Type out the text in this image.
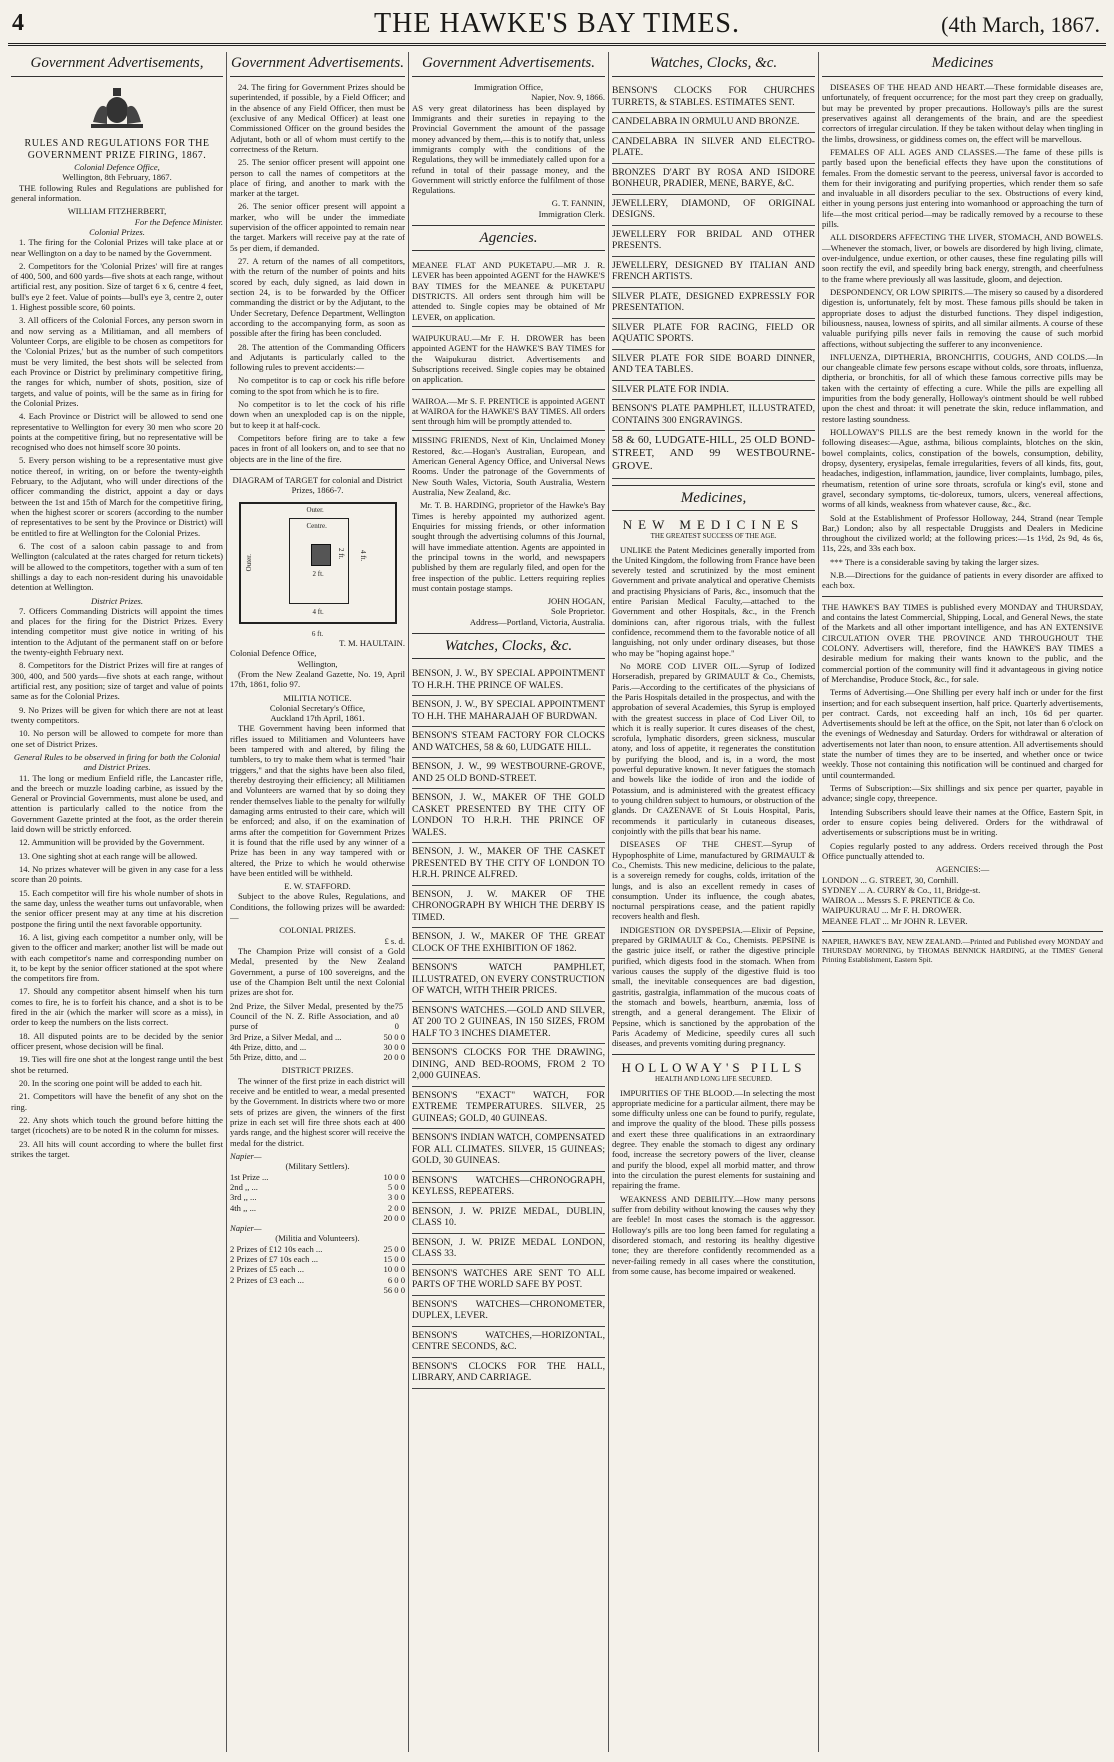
4	THE HAWKE'S BAY TIMES.	(4th March, 1867.
Government Advertisements,
RULES AND REGULATIONS FOR THE GOVERNMENT PRIZE FIRING, 1867.
Colonial Defence Office,
Wellington, 8th February, 1867.

THE following Rules and Regulations are published for general information.

WILLIAM FITZHERBERT,
For the Defence Minister.
Colonial Prizes.

1. The firing for the Colonial Prizes will take place at or near Wellington on a day to be named by the Government.

2. Competitors for the 'Colonial Prizes' will fire at ranges of 400, 500, and 600 yards—five shots at each range, without artificial rest, any position. Size of target 6 x 6, centre 4 feet, bull's eye 2 feet. Value of points—bull's eye 3, centre 2, outer 1. Highest possible score, 60 points.

3. All officers of the Colonial Forces, any person sworn in and now serving as a Militiaman, and all members of Volunteer Corps, are eligible to be chosen as competitors for the 'Colonial Prizes,' but as the number of such competitors must be very limited, the best shots will be selected from each Province or District by preliminary competitive firing, the ranges for which, number of shots, position, size of targets, and value of points, will be the same as in firing for the Colonial Prizes.

4. Each Province or District will be allowed to send one representative to Wellington for every 30 men who score 20 points at the competitive firing, but no representative will be recognised who does not himself score 30 points.

5. Every person wishing to be a representative must give notice thereof, in writing, on or before the twenty-eighth February, to the Adjutant, who will under directions of the officer commanding the district, appoint a day or days between the 1st and 15th of March for the competitive firing, when the highest scorer or scorers (according to the number of representatives to be sent by the Province or District) will be entitled to fire at Wellington for the Colonial Prizes.

6. The cost of a saloon cabin passage to and from Wellington (calculated at the rates charged for return tickets) will be allowed to the competitors, together with a sum of ten shillings a day to each non-resident during his unavoidable detention at Wellington.

District Prizes.

7. Officers Commanding Districts will appoint the times and places for the firing for the District Prizes. Every intending competitor must give notice in writing of his intention to the Adjutant of the permanent staff on or before the twenty-eighth February next.

8. Competitors for the District Prizes will fire at ranges of 300, 400, and 500 yards—five shots at each range, without artificial rest, any position; size of target and value of points same as for the Colonial Prizes.

9. No Prizes will be given for which there are not at least twenty competitors.

10. No person will be allowed to compete for more than one set of District Prizes.

General Rules to be observed in firing for both the Colonial and District Prizes.

11. The long or medium Enfield rifle, the Lancaster rifle, and the breech or muzzle loading carbine, as issued by the General or Provincial Governments, must alone be used, and attention is particularly called to the notice from the Government Gazette printed at the foot, as the order therein laid down will be strictly enforced.

12. Ammunition will be provided by the Government.

13. One sighting shot at each range will be allowed.

14. No prizes whatever will be given in any case for a less score than 20 points.

15. Each competitor will fire his whole number of shots in the same day, unless the weather turns out unfavorable, when the senior officer present may at any time at his discretion postpone the firing until the next favorable opportunity.

16. A list, giving each competitor a number only, will be given to the officer and marker; another list will be made out with each competitor's name and corresponding number on it, to be kept by the senior officer stationed at the spot where the competitors fire from.

17. Should any competitor absent himself when his turn comes to fire, he is to forfeit his chance, and a shot is to be fired in the air (which the marker will score as a miss), in order to keep the numbers on the lists correct.

18. All disputed points are to be decided by the senior officer present, whose decision will be final.

19. Ties will fire one shot at the longest range until the best shot be returned.

20. In the scoring one point will be added to each hit.

21. Competitors will have the benefit of any shot on the ring.

22. Any shots which touch the ground before hitting the target (ricochets) are to be noted R in the column for misses.

23. All hits will count according to where the bullet first strikes the target.

Government Advertisements.

24. The firing for Government Prizes should be superintended, if possible, by a Field Officer; and in the absence of any Field Officer, then must be (exclusive of any Medical Officer) at least one Commissioned Officer on the ground besides the Adjutant, both or all of whom must certify to the correctness of the Return.

25. The senior officer present will appoint one person to call the names of competitors at the place of firing, and another to mark with the marker at the target.

26. The senior officer present will appoint a marker, who will be under the immediate supervision of the officer appointed to remain near the target. Markers will receive pay at the rate of 5s per diem, if demanded.

27. A return of the names of all competitors, with the return of the number of points and hits scored by each, duly signed, as laid down in section 24, is to be forwarded by the Officer commanding the district or by the Adjutant, to the Under Secretary, Defence Department, Wellington according to the accompanying form, as soon as possible after the firing has been concluded.

28. The attention of the Commanding Officers and Adjutants is particularly called to the following rules to prevent accidents:—

No competitor is to cap or cock his rifle before coming to the spot from which he is to fire.

No competitor is to let the cock of his rifle down when an unexploded cap is on the nipple, but to keep it at half-cock.

Competitors before firing are to take a few paces in front of all lookers on, and to see that no objects are in the line of the fire.

DIAGRAM of TARGET for colonial and District Prizes, 1866-7.
Outer.
Outer.
Centre.
2 ft.
2 ft. 4 ft.
4 ft.
6 ft.
T. M. HAULTAIN.
Colonial Defence Office,
Wellington,

(From the New Zealand Gazette, No. 19, April 17th, 1861, folio 97.

MILITIA NOTICE.
Colonial Secretary's Office,
Auckland 17th April, 1861.

THE Government having been informed that rifles issued to Militiamen and Volunteers have been tampered with and altered, by filing the tumblers, to try to make them what is termed "hair triggers," and that the sights have been also filed, thereby destroying their efficiency; all Militiamen and Volunteers are warned that by so doing they render themselves liable to the penalty for wilfully damaging arms entrusted to their care, which will be enforced; and also, if on the examination of arms after the competition for Government Prizes it is found that the rifle used by any winner of a Prize has been in any way tampered with or altered, the Prize to which he would otherwise have been entitled will be withheld.

E. W. STAFFORD.

Subject to the above Rules, Regulations, and Conditions, the following prizes will be awarded:—

COLONIAL PRIZES.
£ s. d.

The Champion Prize will consist of a Gold Medal, presented by the New Zealand Government, a purse of 100 sovereigns, and the use of the Champion Belt until the next Colonial prizes are shot for.

2nd Prize, the Silver Medal, presented by the Council of the N. Z. Rifle Association, and a purse of
75 0 0
3rd Prize, a Silver Medal, and ...	50 0 0
4th Prize, ditto, and ...	30 0 0
5th Prize, ditto, and ...	20 0 0
DISTRICT PRIZES.

The winner of the first prize in each district will receive and be entitled to wear, a medal presented by the Government. In districts where two or more sets of prizes are given, the winners of the first prize in each set will fire three shots each at 400 yards range, and the highest scorer will receive the medal for the district.

Napier—
(Military Settlers).
1st Prize ...	10 0 0
2nd ,, ...	5 0 0
3rd ,, ...	3 0 0
4th ,, ...	2 0 0
20 0 0
Napier—
(Militia and Volunteers).
2 Prizes of £12 10s each ...	25 0 0
2 Prizes of £7 10s each ...	15 0 0
2 Prizes of £5 each ...	10 0 0
2 Prizes of £3 each ...	6 0 0
56 0 0
Government Advertisements.
Immigration Office,
Napier, Nov. 9, 1866.

AS very great dilatoriness has been displayed by Immigrants and their sureties in repaying to the Provincial Government the amount of the passage money advanced by them,—this is to notify that, unless immigrants comply with the conditions of the Regulations, they will be immediately called upon for a refund in total of their passage money, and the Government will strictly enforce the fulfilment of those Regulations.

G. T. FANNIN,
Immigration Clerk.
Agencies.

MEANEE FLAT AND PUKETAPU.—MR J. R. LEVER has been appointed AGENT for the HAWKE'S BAY TIMES for the MEANEE & PUKETAPU DISTRICTS. All orders sent through him will be attended to. Single copies may be obtained of Mr LEVER, on application.

WAIPUKURAU.—Mr F. H. DROWER has been appointed AGENT for the HAWKE'S BAY TIMES for the Waipukurau district. Advertisements and Subscriptions received. Single copies may be obtained on application.

WAIROA.—Mr S. F. PRENTICE is appointed AGENT at WAIROA for the HAWKE'S BAY TIMES. All orders sent through him will be promptly attended to.

MISSING FRIENDS, Next of Kin, Unclaimed Money Restored, &c.—Hogan's Australian, European, and American General Agency Office, and Universal News Rooms. Under the patronage of the Governments of New South Wales, Victoria, South Australia, Western Australia, New Zealand, &c.

Mr. T. B. HARDING, proprietor of the Hawke's Bay Times is hereby appointed my authorized agent. Enquiries for missing friends, or other information sought through the advertising columns of this Journal, will have immediate attention. Agents are appointed in the principal towns in the world, and newspapers published by them are regularly filed, and open for the free inspection of the public. Letters requiring replies must contain postage stamps.

JOHN HOGAN,
Sole Proprietor.
Address—Portland, Victoria, Australia.
Watches, Clocks, &c.
BENSON, J. W., BY SPECIAL APPOINTMENT TO H.R.H. THE PRINCE OF WALES.
BENSON, J. W., BY SPECIAL APPOINTMENT TO H.H. THE MAHARAJAH OF BURDWAN.
BENSON'S STEAM FACTORY FOR CLOCKS AND WATCHES, 58 & 60, LUDGATE HILL.
BENSON, J. W., 99 WESTBOURNE-GROVE, AND 25 OLD BOND-STREET.
BENSON, J. W., MAKER OF THE GOLD CASKET PRESENTED BY THE CITY OF LONDON TO H.R.H. THE PRINCE OF WALES.
BENSON, J. W., MAKER OF THE CASKET PRESENTED BY THE CITY OF LONDON TO H.R.H. PRINCE ALFRED.
BENSON, J. W. MAKER OF THE CHRONOGRAPH BY WHICH THE DERBY IS TIMED.
BENSON, J. W., MAKER OF THE GREAT CLOCK OF THE EXHIBITION OF 1862.
BENSON'S WATCH PAMPHLET, ILLUSTRATED, ON EVERY CONSTRUCTION OF WATCH, WITH THEIR PRICES.
BENSON'S WATCHES.—GOLD AND SILVER, AT 200 TO 2 GUINEAS, IN 150 SIZES, FROM HALF TO 3 INCHES DIAMETER.
BENSON'S CLOCKS FOR THE DRAWING, DINING, AND BED-ROOMS, FROM 2 TO 2,000 GUINEAS.
BENSON'S "EXACT" WATCH, FOR EXTREME TEMPERATURES. SILVER, 25 GUINEAS; GOLD, 40 GUINEAS.
BENSON'S INDIAN WATCH, COMPENSATED FOR ALL CLIMATES. SILVER, 15 GUINEAS; GOLD, 30 GUINEAS.
BENSON'S WATCHES—CHRONOGRAPH, KEYLESS, REPEATERS.
BENSON, J. W. PRIZE MEDAL, DUBLIN, CLASS 10.
BENSON, J. W. PRIZE MEDAL LONDON, CLASS 33.
BENSON'S WATCHES ARE SENT TO ALL PARTS OF THE WORLD SAFE BY POST.
BENSON'S WATCHES—CHRONOMETER, DUPLEX, LEVER.
BENSON'S WATCHES,—HORIZONTAL, CENTRE SECONDS, &C.
BENSON'S CLOCKS FOR THE HALL, LIBRARY, AND CARRIAGE.
Watches, Clocks, &c.
BENSON'S CLOCKS FOR CHURCHES TURRETS, & STABLES. ESTIMATES SENT.
CANDELABRA IN ORMULU AND BRONZE.
CANDELABRA IN SILVER AND ELECTRO-PLATE.
BRONZES D'ART BY ROSA AND ISIDORE BONHEUR, PRADIER, MENE, BARYE, &C.
JEWELLERY, DIAMOND, OF ORIGINAL DESIGNS.
JEWELLERY FOR BRIDAL AND OTHER PRESENTS.
JEWELLERY, DESIGNED BY ITALIAN AND FRENCH ARTISTS.
SILVER PLATE, DESIGNED EXPRESSLY FOR PRESENTATION.
SILVER PLATE FOR RACING, FIELD OR AQUATIC SPORTS.
SILVER PLATE FOR SIDE BOARD DINNER, AND TEA TABLES.
SILVER PLATE FOR INDIA.
BENSON'S PLATE PAMPHLET, ILLUSTRATED, CONTAINS 300 ENGRAVINGS.
58 & 60, LUDGATE-HILL, 25 OLD BOND-STREET, AND 99 WESTBOURNE-GROVE.
Medicines,
NEW MEDICINES
THE GREATEST SUCCESS OF THE AGE.

UNLIKE the Patent Medicines generally imported from the United Kingdom, the following from France have been severely tested and scrutinized by the most eminent Government and private analytical and operative Chemists and practising Physicians of Paris, &c., insomuch that the entire Parisian Medical Faculty,—attached to the Government and other Hospitals, &c., in the French dominions can, after rigorous trials, with the fullest confidence, recommend them to the favorable notice of all languishing, not only under ordinary diseases, but those who may be "hoping against hope."

No MORE COD LIVER OIL.—Syrup of Iodized Horseradish, prepared by GRIMAULT & Co., Chemists, Paris.—According to the certificates of the physicians of the Paris Hospitals detailed in the prospectus, and with the approbation of several Academies, this Syrup is employed with the greatest success in place of Cod Liver Oil, to which it is really superior. It cures diseases of the chest, scrofula, lymphatic disorders, green sickness, muscular atony, and loss of appetite, it regenerates the constitution by purifying the blood, and is, in a word, the most powerful depurative known. It never fatigues the stomach and bowels like the iodide of iron and the iodide of Potassium, and is administered with the greatest efficacy to young children subject to humours, or obstruction of the glands. Dr CAZENAVE of St Louis Hospital, Paris, recommends it particularly in cutaneous diseases, conjointly with the pills that bear his name.

DISEASES OF THE CHEST.—Syrup of Hypophosphite of Lime, manufactured by GRIMAULT & Co., Chemists. This new medicine, delicious to the palate, is a sovereign remedy for coughs, colds, irritation of the lungs, and is also an excellent remedy in cases of consumption. Under its influence, the cough abates, nocturnal perspirations cease, and the patient rapidly recovers health and flesh.

INDIGESTION OR DYSPEPSIA.—Elixir of Pepsine, prepared by GRIMAULT & Co., Chemists. PEPSINE is the gastric juice itself, or rather the digestive principle purified, which digests food in the stomach. When from various causes the supply of the digestive fluid is too small, the inevitable consequences are bad digestion, gastritis, gastralgia, inflammation of the mucous coats of the stomach and bowels, heartburn, anæmia, loss of strength, and a general derangement. The Elixir of Pepsine, which is sanctioned by the approbation of the Paris Academy of Medicine, speedily cures all such diseases, and prevents vomiting during pregnancy.

HOLLOWAY'S PILLS
HEALTH AND LONG LIFE SECURED.

IMPURITIES OF THE BLOOD.—In selecting the most appropriate medicine for a particular ailment, there may be some difficulty unless one can be found to purify, regulate, and improve the quality of the blood. These pills possess and exert these three qualifications in an extraordinary degree. They enable the stomach to digest any ordinary food, increase the secretory powers of the liver, cleanse and purify the blood, expel all morbid matter, and throw into the circulation the purest elements for sustaining and repairing the frame.

WEAKNESS AND DEBILITY.—How many persons suffer from debility without knowing the causes why they are feeble! In most cases the stomach is the aggressor. Holloway's pills are too long been famed for regulating a disordered stomach, and restoring its healthy digestive tone; they are therefore confidently recommended as a never-failing remedy in all cases where the constitution, from some cause, has become impaired or weakened.

Medicines

DISEASES OF THE HEAD AND HEART.—These formidable diseases are, unfortunately, of frequent occurrence; for the most part they creep on gradually, but may be prevented by proper precautions. Holloway's pills are the surest preservatives against all derangements of the brain, and are the speediest correctors of irregular circulation. If they be taken without delay when tingling in the limbs, drowsiness, or giddiness comes on, the effect will be marvellous.

FEMALES OF ALL AGES AND CLASSES.—The fame of these pills is partly based upon the beneficial effects they have upon the constitutions of females. From the domestic servant to the peeress, universal favor is accorded to them for their invigorating and purifying properties, which render them so safe and invaluable in all disorders peculiar to the sex. Obstructions of every kind, either in young persons just entering into womanhood or approaching the turn of life—the most critical period—may be radically removed by a recourse to these pills.

ALL DISORDERS AFFECTING THE LIVER, STOMACH, AND BOWELS.—Whenever the stomach, liver, or bowels are disordered by high living, climate, over-indulgence, undue exertion, or other causes, these fine regulating pills will soon rectify the evil, and speedily bring back energy, strength, and cheerfulness to the frame where previously all was lassitude, gloom, and dejection.

DESPONDENCY, OR LOW SPIRITS.—The misery so caused by a disordered digestion is, unfortunately, felt by most. These famous pills should be taken in appropriate doses to adjust the disturbed functions. They dispel indigestion, biliousness, nausea, lowness of spirits, and all similar ailments. A course of these valuable purifying pills never fails in removing the cause of such morbid affections, without subjecting the sufferer to any inconvenience.

INFLUENZA, DIPTHERIA, BRONCHITIS, COUGHS, AND COLDS.—In our changeable climate few persons escape without colds, sore throats, influenza, diptheria, or bronchitis, for all of which these famous corrective pills may be taken with the certainty of effecting a cure. While the pills are expelling all impurities from the body generally, Holloway's ointment should be well rubbed upon the chest and throat: it will penetrate the skin, reduce inflammation, and restore lasting soundness.

HOLLOWAY'S PILLS are the best remedy known in the world for the following diseases:—Ague, asthma, bilious complaints, blotches on the skin, bowel complaints, colics, constipation of the bowels, consumption, debility, dropsy, dysentery, erysipelas, female irregularities, fevers of all kinds, fits, gout, headaches, indigestion, inflammation, jaundice, liver complaints, lumbago, piles, rheumatism, retention of urine sore throats, scrofula or king's evil, stone and gravel, secondary symptoms, tic-doloreux, tumors, ulcers, venereal affections, worms of all kinds, weakness from whatever cause, &c., &c.

Sold at the Establishment of Professor Holloway, 244, Strand (near Temple Bar,) London; also by all respectable Druggists and Dealers in Medicine throughout the civilized world; at the following prices:—1s 1½d, 2s 9d, 4s 6s, 11s, 22s, and 33s each box.

*** There is a considerable saving by taking the larger sizes.

N.B.—Directions for the guidance of patients in every disorder are affixed to each box.

THE HAWKE'S BAY TIMES is published every MONDAY and THURSDAY, and contains the latest Commercial, Shipping, Local, and General News, the state of the Markets and all other important intelligence, and has AN EXTENSIVE CIRCULATION OVER THE PROVINCE AND THROUGHOUT THE COLONY. Advertisers will, therefore, find the HAWKE'S BAY TIMES a desirable medium for making their wants known to the public, and the commercial portion of the community will find it advantageous in giving notice of Merchandise, Produce Stock, &c., for sale.

Terms of Advertising.—One Shilling per every half inch or under for the first insertion; and for each subsequent insertion, half price. Quarterly advertisements, per contract. Cards, not exceeding half an inch, 10s 6d per quarter. Advertisements should be left at the office, on the Spit, not later than 6 o'clock on the evenings of Wednesday and Saturday. Orders for withdrawal or alteration of advertisements not later than noon, to ensure attention. All advertisements should state the number of times they are to be inserted, and whether once or twice weekly. Those not containing this notification will be continued and charged for until countermanded.

Terms of Subscription:—Six shillings and six pence per quarter, payable in advance; single copy, threepence.

Intending Subscribers should leave their names at the Office, Eastern Spit, in order to ensure copies being delivered. Orders for the withdrawal of advertisements or subscriptions must be in writing.

Copies regularly posted to any address. Orders received through the Post Office punctually attended to.

AGENCIES:—
LONDON ... G. STREET, 30, Cornhill.
SYDNEY ... A. CURRY & Co., 11, Bridge-st.
WAIROA ... Messrs S. F. PRENTICE & Co.
WAIPUKURAU ... Mr F. H. DROWER.
MEANEE FLAT ... Mr JOHN R. LEVER.

NAPIER, HAWKE'S BAY, NEW ZEALAND.—Printed and Published every MONDAY and THURSDAY MORNING, by THOMAS BENNICK HARDING, at the TIMES' General Printing Establishment, Eastern Spit.
